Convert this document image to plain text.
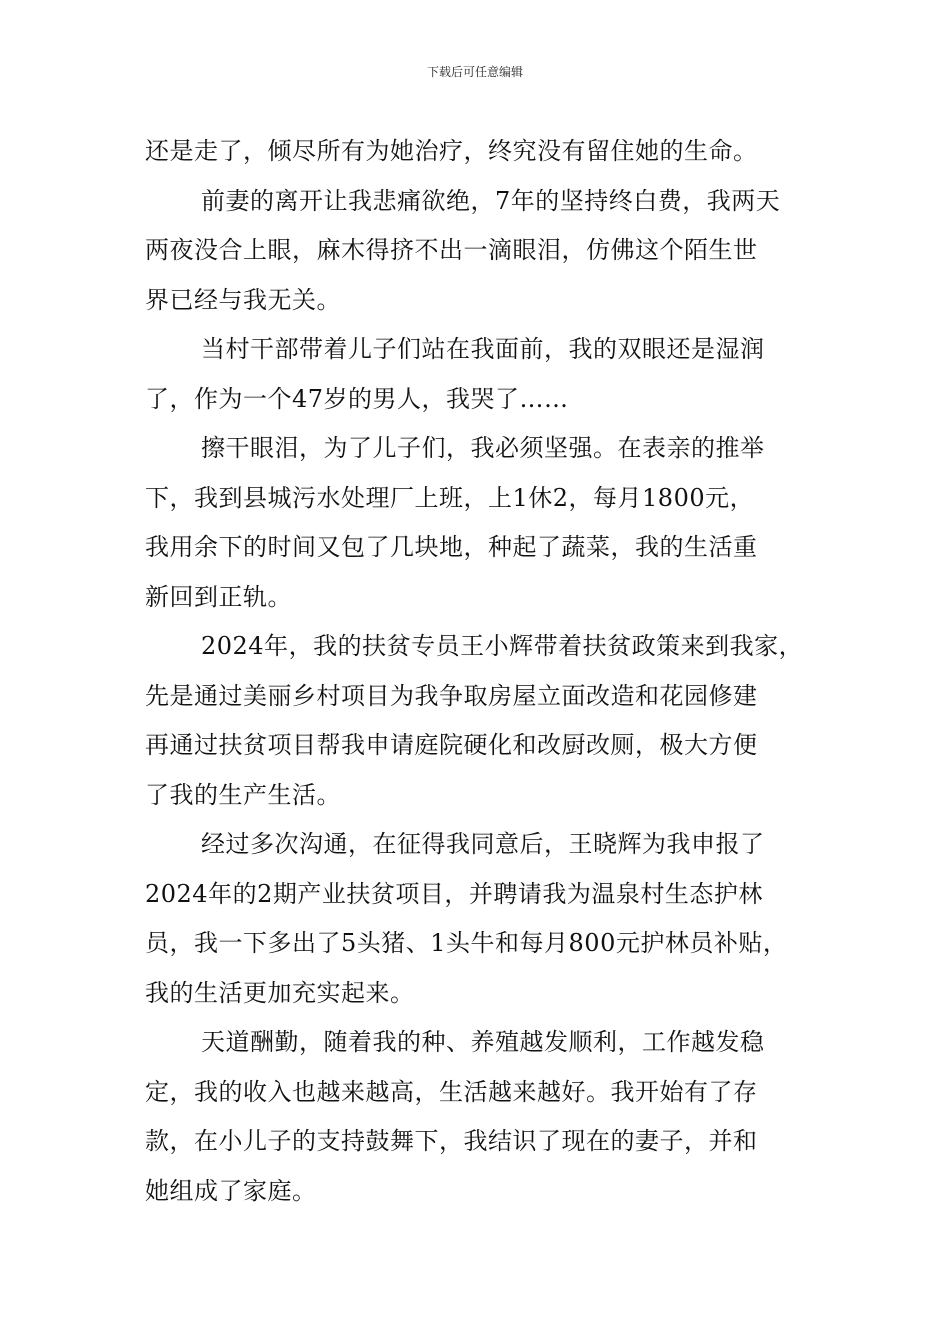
下载后可任意编辑
还是走了，倾尽所有为她治疗，终究没有留住她的生命。
前妻的离开让我悲痛欲绝，7年的坚持终白费，我两天
两夜没合上眼，麻木得挤不出一滴眼泪，仿佛这个陌生世
界已经与我无关。
当村干部带着儿子们站在我面前，我的双眼还是湿润
了，作为一个47岁的男人，我哭了……
擦干眼泪，为了儿子们，我必须坚强。在表亲的推举
下，我到县城污水处理厂上班，上1休2，每月1800元，
我用余下的时间又包了几块地，种起了蔬菜，我的生活重
新回到正轨。
2024年，我的扶贫专员王小辉带着扶贫政策来到我家，
先是通过美丽乡村项目为我争取房屋立面改造和花园修建
再通过扶贫项目帮我申请庭院硬化和改厨改厕，极大方便
了我的生产生活。
经过多次沟通，在征得我同意后，王晓辉为我申报了
2024年的2期产业扶贫项目，并聘请我为温泉村生态护林
员，我一下多出了5头猪、1头牛和每月800元护林员补贴，
我的生活更加充实起来。
天道酬勤，随着我的种、养殖越发顺利，工作越发稳
定，我的收入也越来越高，生活越来越好。我开始有了存
款，在小儿子的支持鼓舞下，我结识了现在的妻子，并和
她组成了家庭。
